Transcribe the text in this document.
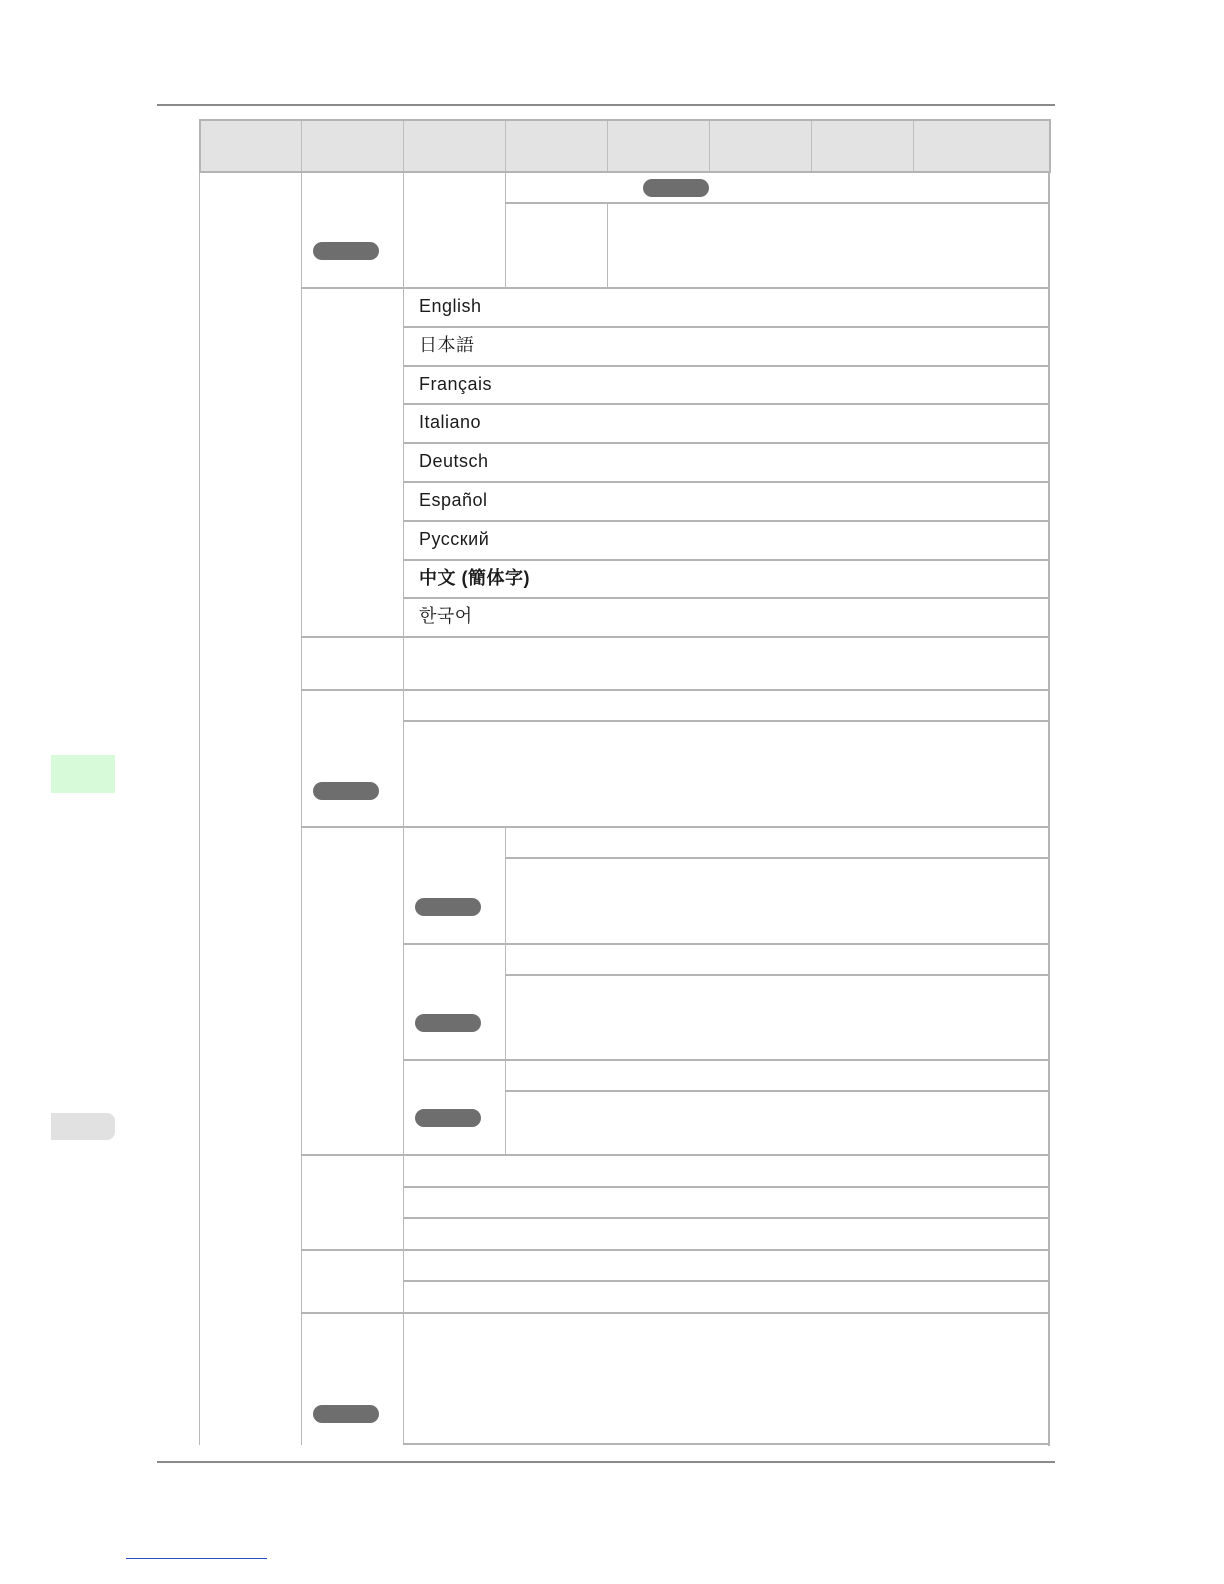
English
日本語
Français
Italiano
Deutsch
Español
Русский
中文 (簡体字)
한국어
